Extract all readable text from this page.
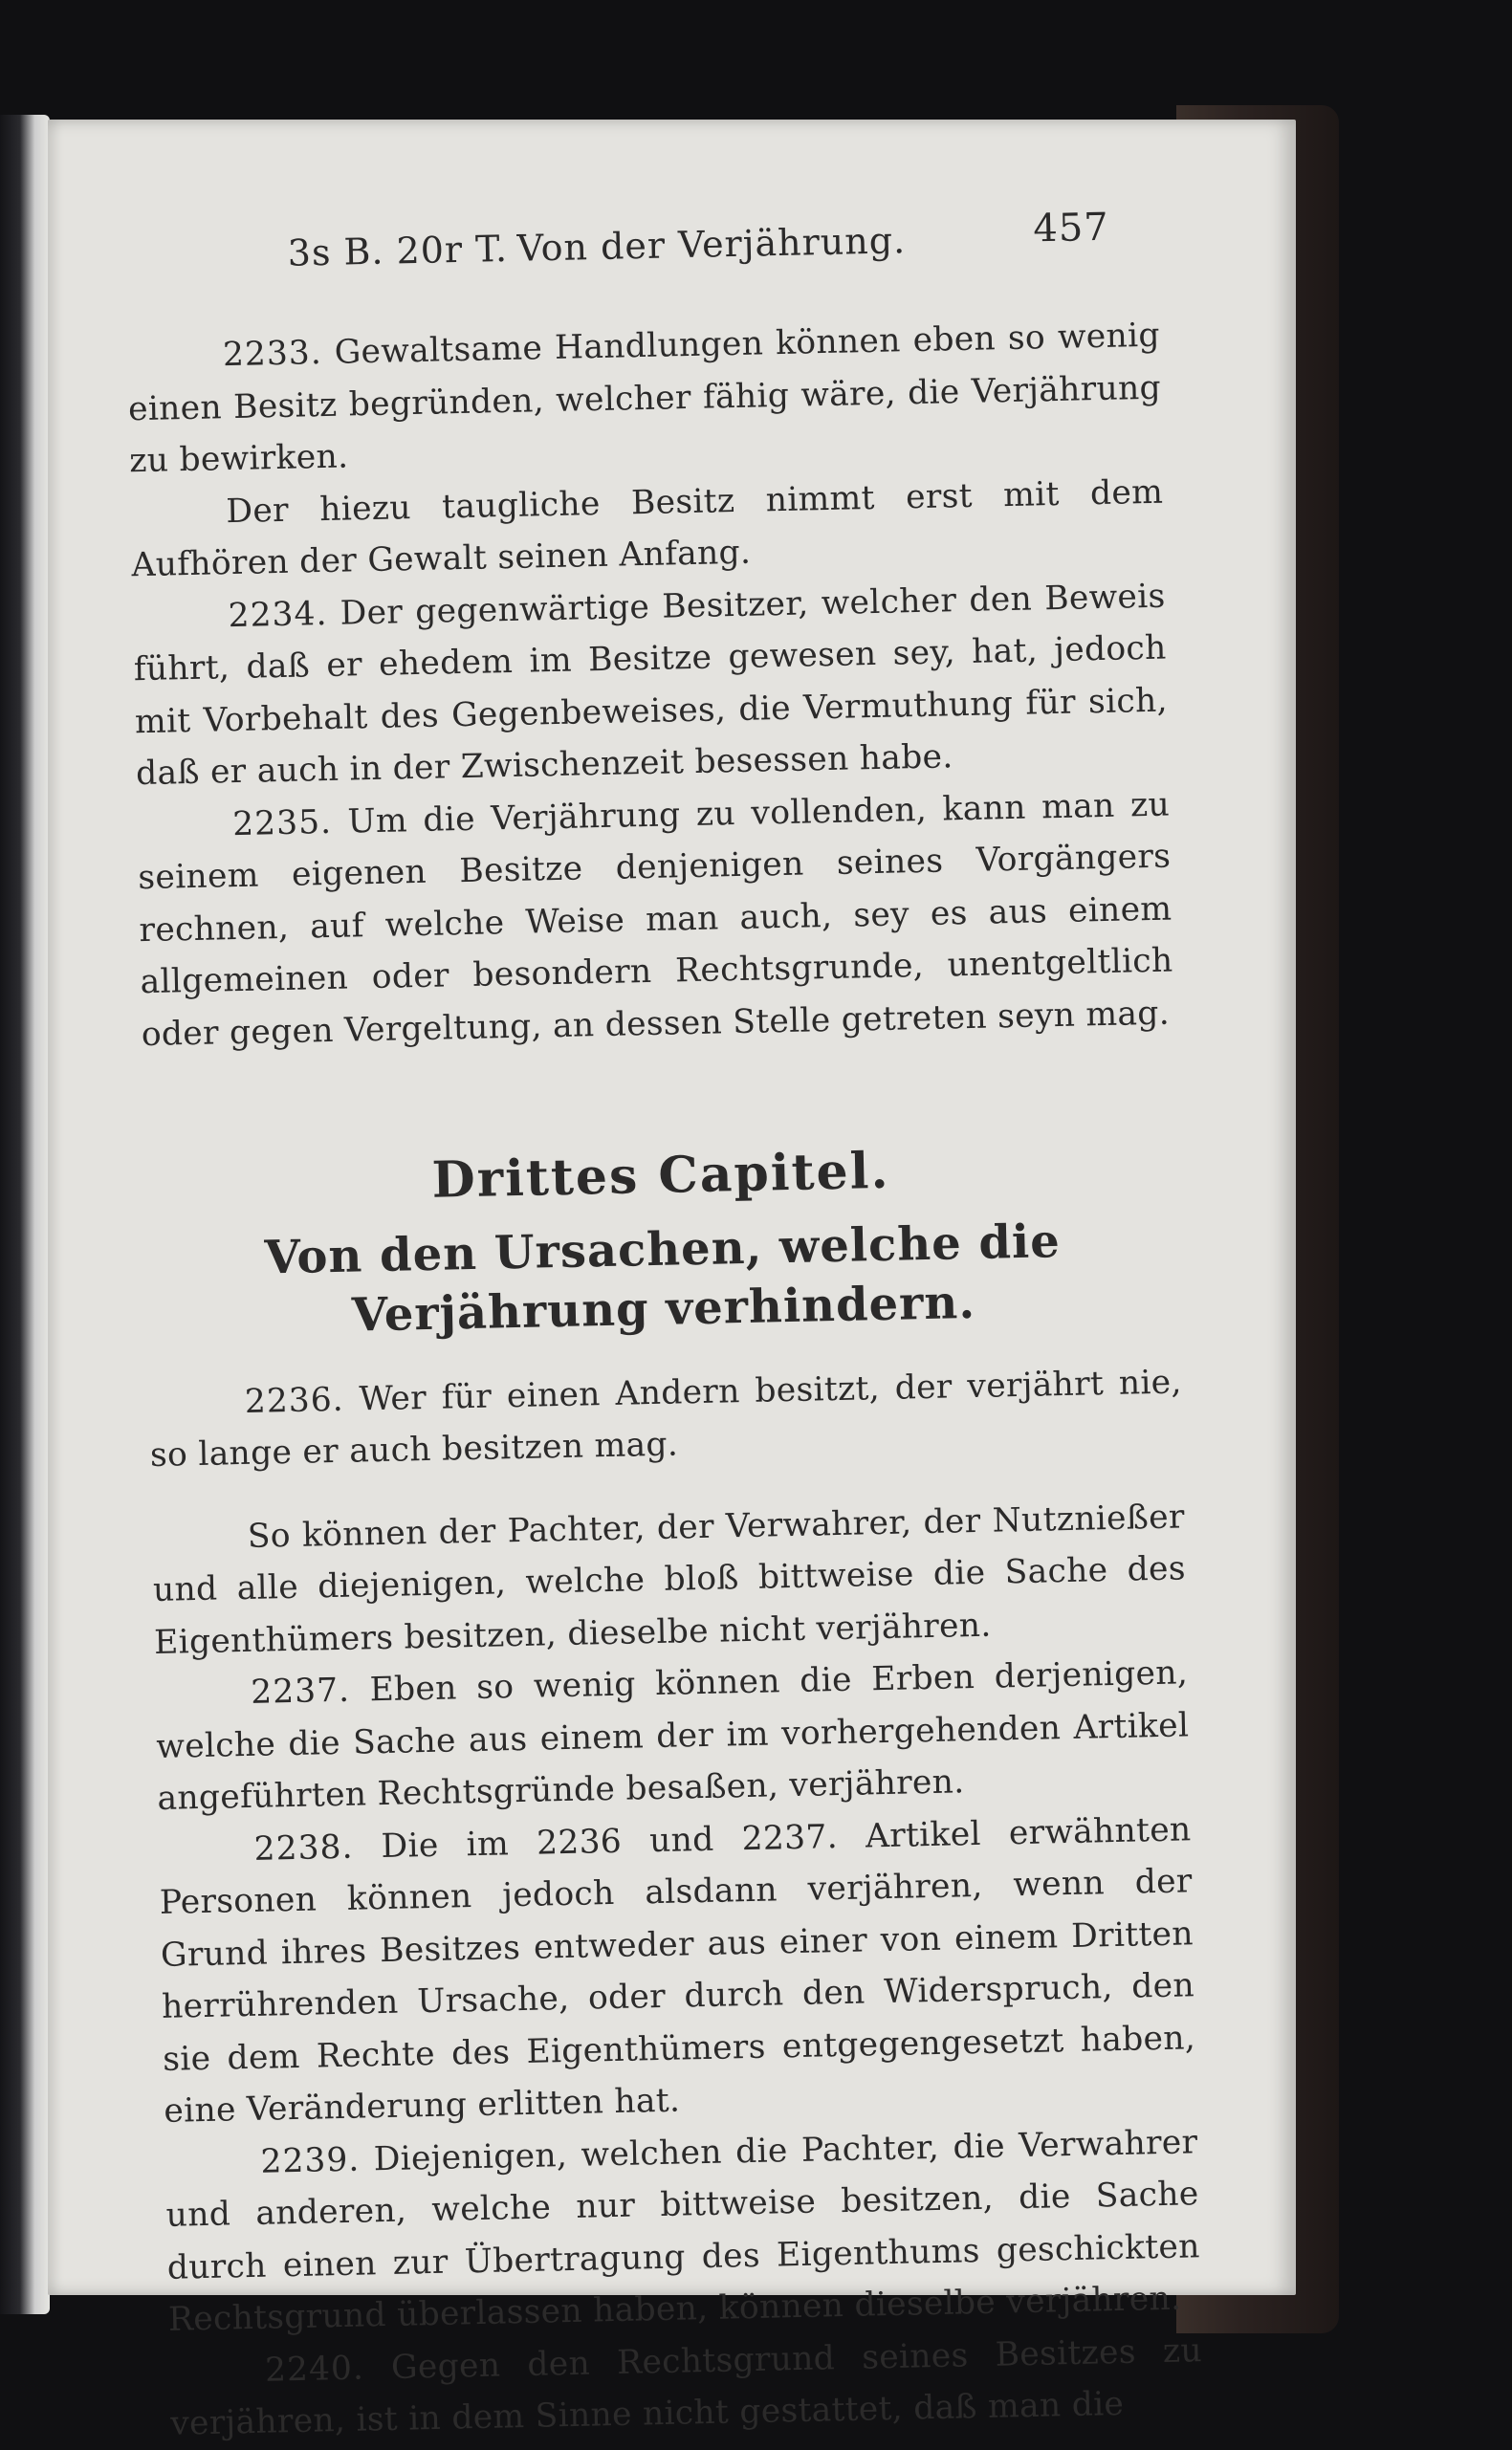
3s B. 20r T. Von der Verjährung.	457

2233. Gewaltsame Handlungen können eben so wenig einen Besitz begründen, welcher fähig wäre, die Verjährung zu bewirken.

Der hiezu taugliche Besitz nimmt erst mit dem Aufhören der Gewalt seinen Anfang.

2234. Der gegenwärtige Besitzer, welcher den Beweis führt, daß er ehedem im Besitze gewesen sey, hat, jedoch mit Vorbehalt des Gegenbeweises, die Vermuthung für sich, daß er auch in der Zwischenzeit besessen habe.

2235. Um die Verjährung zu vollenden, kann man zu seinem eigenen Besitze denjenigen seines Vorgängers rechnen, auf welche Weise man auch, sey es aus einem allgemeinen oder besondern Rechtsgrunde, unentgeltlich oder gegen Vergeltung, an dessen Stelle getreten seyn mag.

Drittes Capitel.
Von den Ursachen, welche die Verjährung verhindern.

2236. Wer für einen Andern besitzt, der verjährt nie, so lange er auch besitzen mag.

So können der Pachter, der Verwahrer, der Nutznießer und alle diejenigen, welche bloß bittweise die Sache des Eigenthümers besitzen, dieselbe nicht verjähren.

2237. Eben so wenig können die Erben derjenigen, welche die Sache aus einem der im vorhergehenden Artikel angeführten Rechtsgründe besaßen, verjähren.

2238. Die im 2236 und 2237. Artikel erwähnten Personen können jedoch alsdann verjähren, wenn der Grund ihres Besitzes entweder aus einer von einem Dritten herrührenden Ursache, oder durch den Widerspruch, den sie dem Rechte des Eigenthümers entgegengesetzt haben, eine Veränderung erlitten hat.

2239. Diejenigen, welchen die Pachter, die Verwahrer und anderen, welche nur bittweise besitzen, die Sache durch einen zur Übertragung des Eigenthums geschickten Rechtsgrund überlassen haben, können dieselbe verjähren.

2240. Gegen den Rechtsgrund seines Besitzes zu verjähren, ist in dem Sinne nicht gestattet, daß man die
